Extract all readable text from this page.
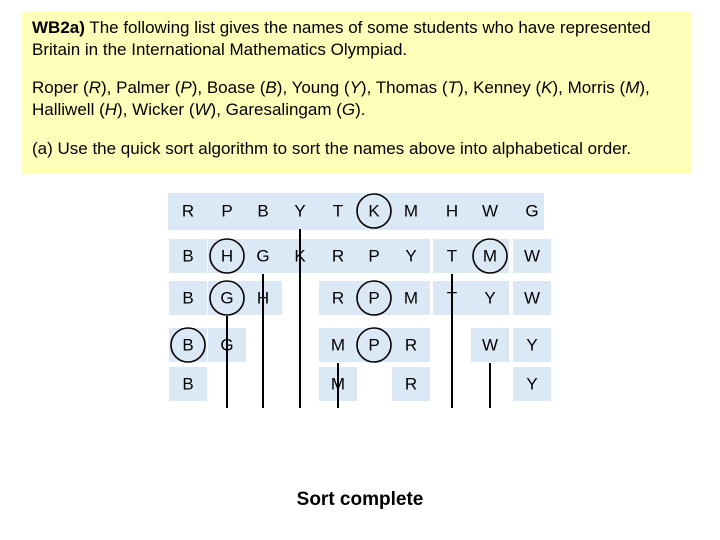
WB2a) The following list gives the names of some students who have represented Britain in the International Mathematics Olympiad.

Roper (R), Palmer (P), Boase (B), Young (Y), Thomas (T), Kenney (K), Morris (M), Halliwell (H), Wicker (W), Garesalingam (G).

(a) Use the quick sort algorithm to sort the names above into alphabetical order.

R P B Y T K M H W G
B H G K R P Y T M W
B G H	R P M T Y W
B G	M P R	W Y
B	M	R	Y
Sort complete
